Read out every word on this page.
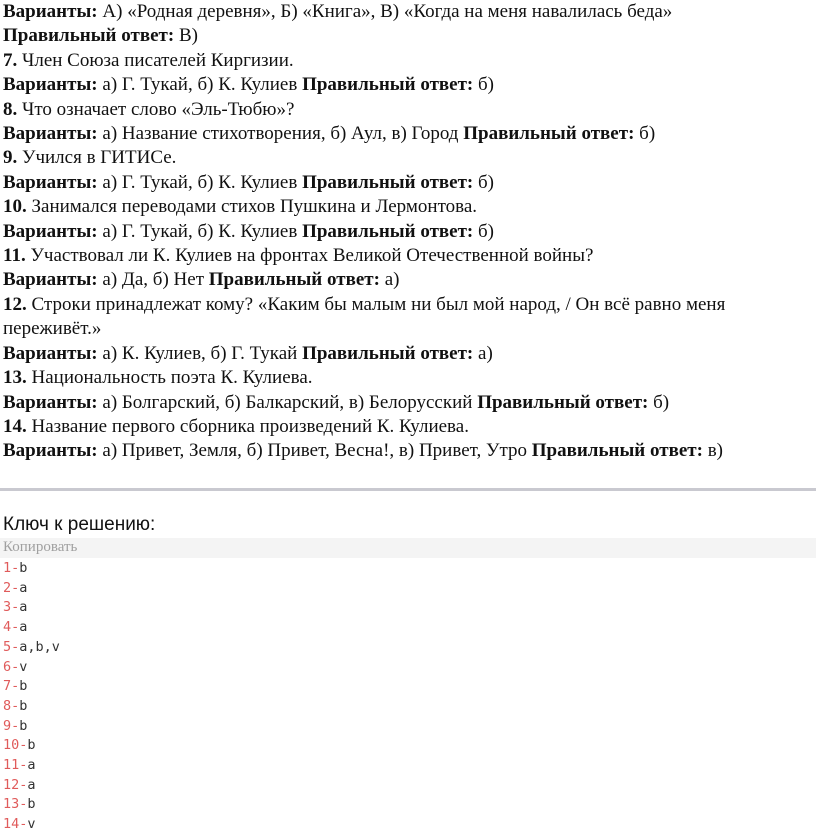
Варианты: А) «Родная деревня», Б) «Книга», В) «Когда на меня навалилась беда»

Правильный ответ: В)

7. Член Союза писателей Киргизии.

Варианты: а) Г. Тукай, б) К. Кулиев Правильный ответ: б)

8. Что означает слово «Эль-Тюбю»?

Варианты: а) Название стихотворения, б) Аул, в) Город Правильный ответ: б)

9. Учился в ГИТИСе.

Варианты: а) Г. Тукай, б) К. Кулиев Правильный ответ: б)

10. Занимался переводами стихов Пушкина и Лермонтова.

Варианты: а) Г. Тукай, б) К. Кулиев Правильный ответ: б)

11. Участвовал ли К. Кулиев на фронтах Великой Отечественной войны?

Варианты: а) Да, б) Нет Правильный ответ: а)

12. Строки принадлежат кому? «Каким бы малым ни был мой народ, / Он всё равно меня переживёт.»

Варианты: а) К. Кулиев, б) Г. Тукай Правильный ответ: а)

13. Национальность поэта К. Кулиева.

Варианты: а) Болгарский, б) Балкарский, в) Белорусский Правильный ответ: б)

14. Название первого сборника произведений К. Кулиева.

Варианты: а) Привет, Земля, б) Привет, Весна!, в) Привет, Утро Правильный ответ: в)

Ключ к решению:
Копировать
1-b
2-a
3-a
4-a
5-a,b,v
6-v
7-b
8-b
9-b
10-b
11-a
12-a
13-b
14-v
